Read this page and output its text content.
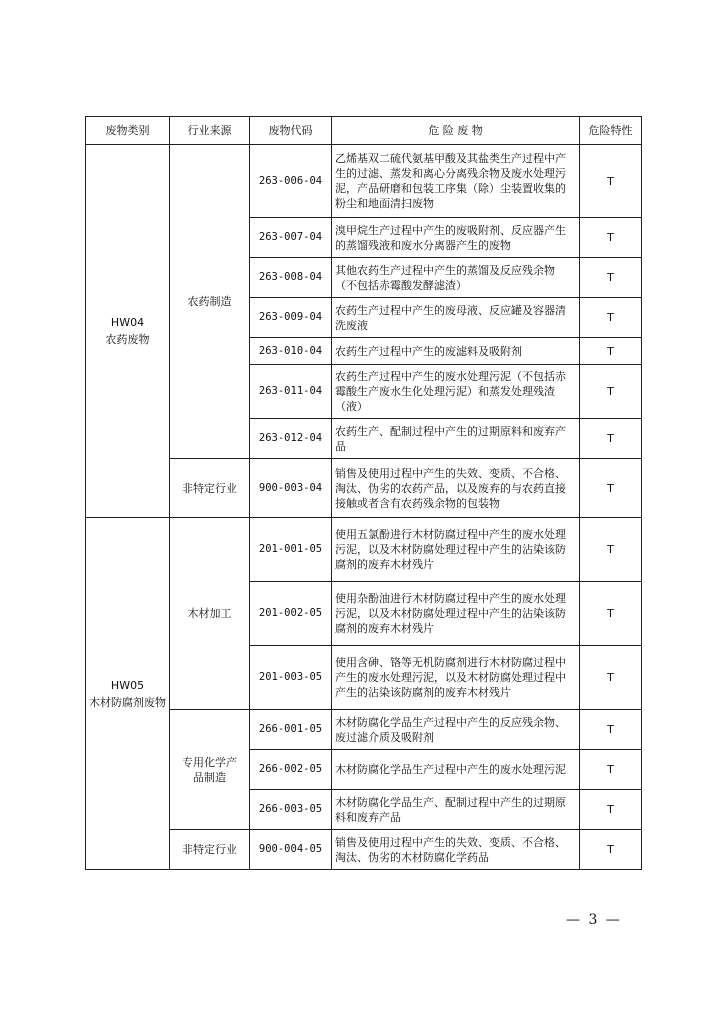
废物类别	行业来源	废物代码	危 险 废 物	危险特性

HW04
农药废物	农药制造	263-006-04	乙烯基双二硫代氨基甲酸及其盐类生产过程中产生的过滤、蒸发和离心分离残余物及废水处理污泥，产品研磨和包装工序集（除）尘装置收集的粉尘和地面清扫废物	T
		263-007-04	溴甲烷生产过程中产生的废吸附剂、反应器产生的蒸馏残液和废水分离器产生的废物	T
		263-008-04	其他农药生产过程中产生的蒸馏及反应残余物（不包括赤霉酸发酵滤渣）	T
		263-009-04	农药生产过程中产生的废母液、反应罐及容器清洗废液	T
		263-010-04	农药生产过程中产生的废滤料及吸附剂	T
		263-011-04	农药生产过程中产生的废水处理污泥（不包括赤霉酸生产废水生化处理污泥）和蒸发处理残渣（液）	T
		263-012-04	农药生产、配制过程中产生的过期原料和废弃产品	T
	非特定行业	900-003-04	销售及使用过程中产生的失效、变质、不合格、淘汰、伪劣的农药产品，以及废弃的与农药直接接触或者含有农药残余物的包装物	T

HW05
木材防腐剂废物	木材加工	201-001-05	使用五氯酚进行木材防腐过程中产生的废水处理污泥，以及木材防腐处理过程中产生的沾染该防腐剂的废弃木材残片	T
		201-002-05	使用杂酚油进行木材防腐过程中产生的废水处理污泥，以及木材防腐处理过程中产生的沾染该防腐剂的废弃木材残片	T
		201-003-05	使用含砷、铬等无机防腐剂进行木材防腐过程中产生的废水处理污泥，以及木材防腐处理过程中产生的沾染该防腐剂的废弃木材残片	T
	专用化学产品制造	266-001-05	木材防腐化学品生产过程中产生的反应残余物、废过滤介质及吸附剂	T
		266-002-05	木材防腐化学品生产过程中产生的废水处理污泥	T
		266-003-05	木材防腐化学品生产、配制过程中产生的过期原料和废弃产品	T
	非特定行业	900-004-05	销售及使用过程中产生的失效、变质、不合格、淘汰、伪劣的木材防腐化学药品	T
— 3 —
